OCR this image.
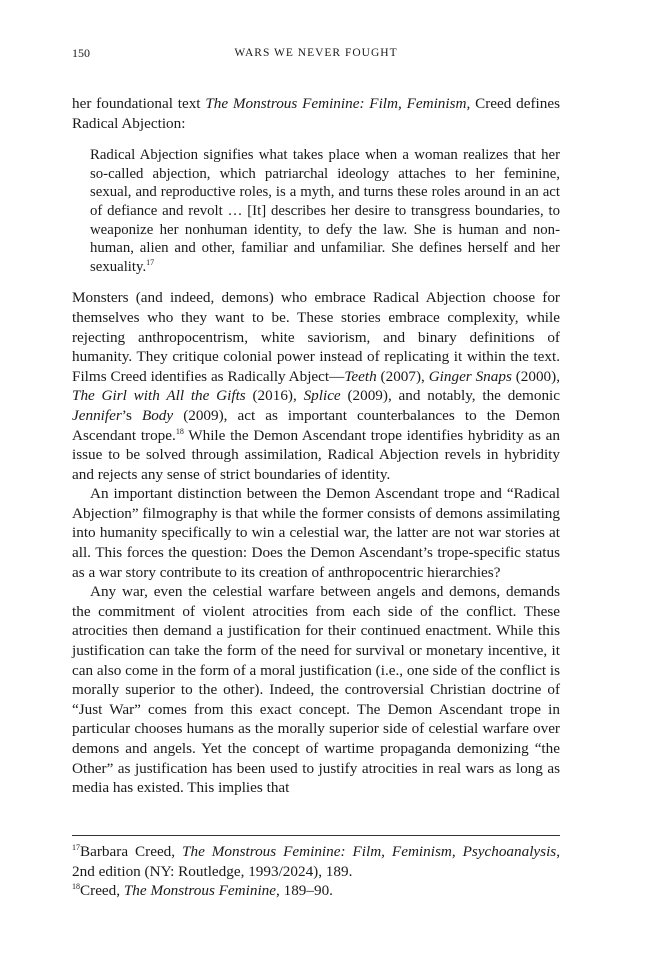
150	WARS WE NEVER FOUGHT

her foundational text The Monstrous Feminine: Film, Feminism, Creed defines Radical Abjection:

Radical Abjection signifies what takes place when a woman realizes that her so-called abjection, which patriarchal ideology attaches to her feminine, sexual, and reproductive roles, is a myth, and turns these roles around in an act of defiance and revolt … [It] describes her desire to transgress boundaries, to weaponize her nonhuman identity, to defy the law. She is human and non-human, alien and other, familiar and unfamiliar. She defines herself and her sexuality.$^{17}$

Monsters (and indeed, demons) who embrace Radical Abjection choose for themselves who they want to be. These stories embrace complexity, while rejecting anthropocentrism, white saviorism, and binary definitions of humanity. They critique colonial power instead of replicating it within the text. Films Creed identifies as Radically Abject—Teeth (2007), Ginger Snaps (2000), The Girl with All the Gifts (2016), Splice (2009), and notably, the demonic Jennifer’s Body (2009), act as important counterbalances to the Demon Ascendant trope.$^{18}$ While the Demon Ascendant trope identifies hybridity as an issue to be solved through assimilation, Radical Abjection revels in hybridity and rejects any sense of strict boundaries of identity.

An important distinction between the Demon Ascendant trope and “Radical Abjection” filmography is that while the former consists of demons assimilating into humanity specifically to win a celestial war, the latter are not war stories at all. This forces the question: Does the Demon Ascendant’s trope-specific status as a war story contribute to its creation of anthropocentric hierarchies?

Any war, even the celestial warfare between angels and demons, demands the commitment of violent atrocities from each side of the conflict. These atrocities then demand a justification for their continued enactment. While this justification can take the form of the need for survival or monetary incentive, it can also come in the form of a moral justification (i.e., one side of the conflict is morally superior to the other). Indeed, the controversial Christian doctrine of “Just War” comes from this exact concept. The Demon Ascendant trope in particular chooses humans as the morally superior side of celestial warfare over demons and angels. Yet the concept of wartime propaganda demonizing “the Other” as justification has been used to justify atrocities in real wars as long as media has existed. This implies that

$^{17}$Barbara Creed, The Monstrous Feminine: Film, Feminism, Psychoanalysis, 2nd edition (NY: Routledge, 1993/2024), 189.

$^{18}$Creed, The Monstrous Feminine, 189–90.
